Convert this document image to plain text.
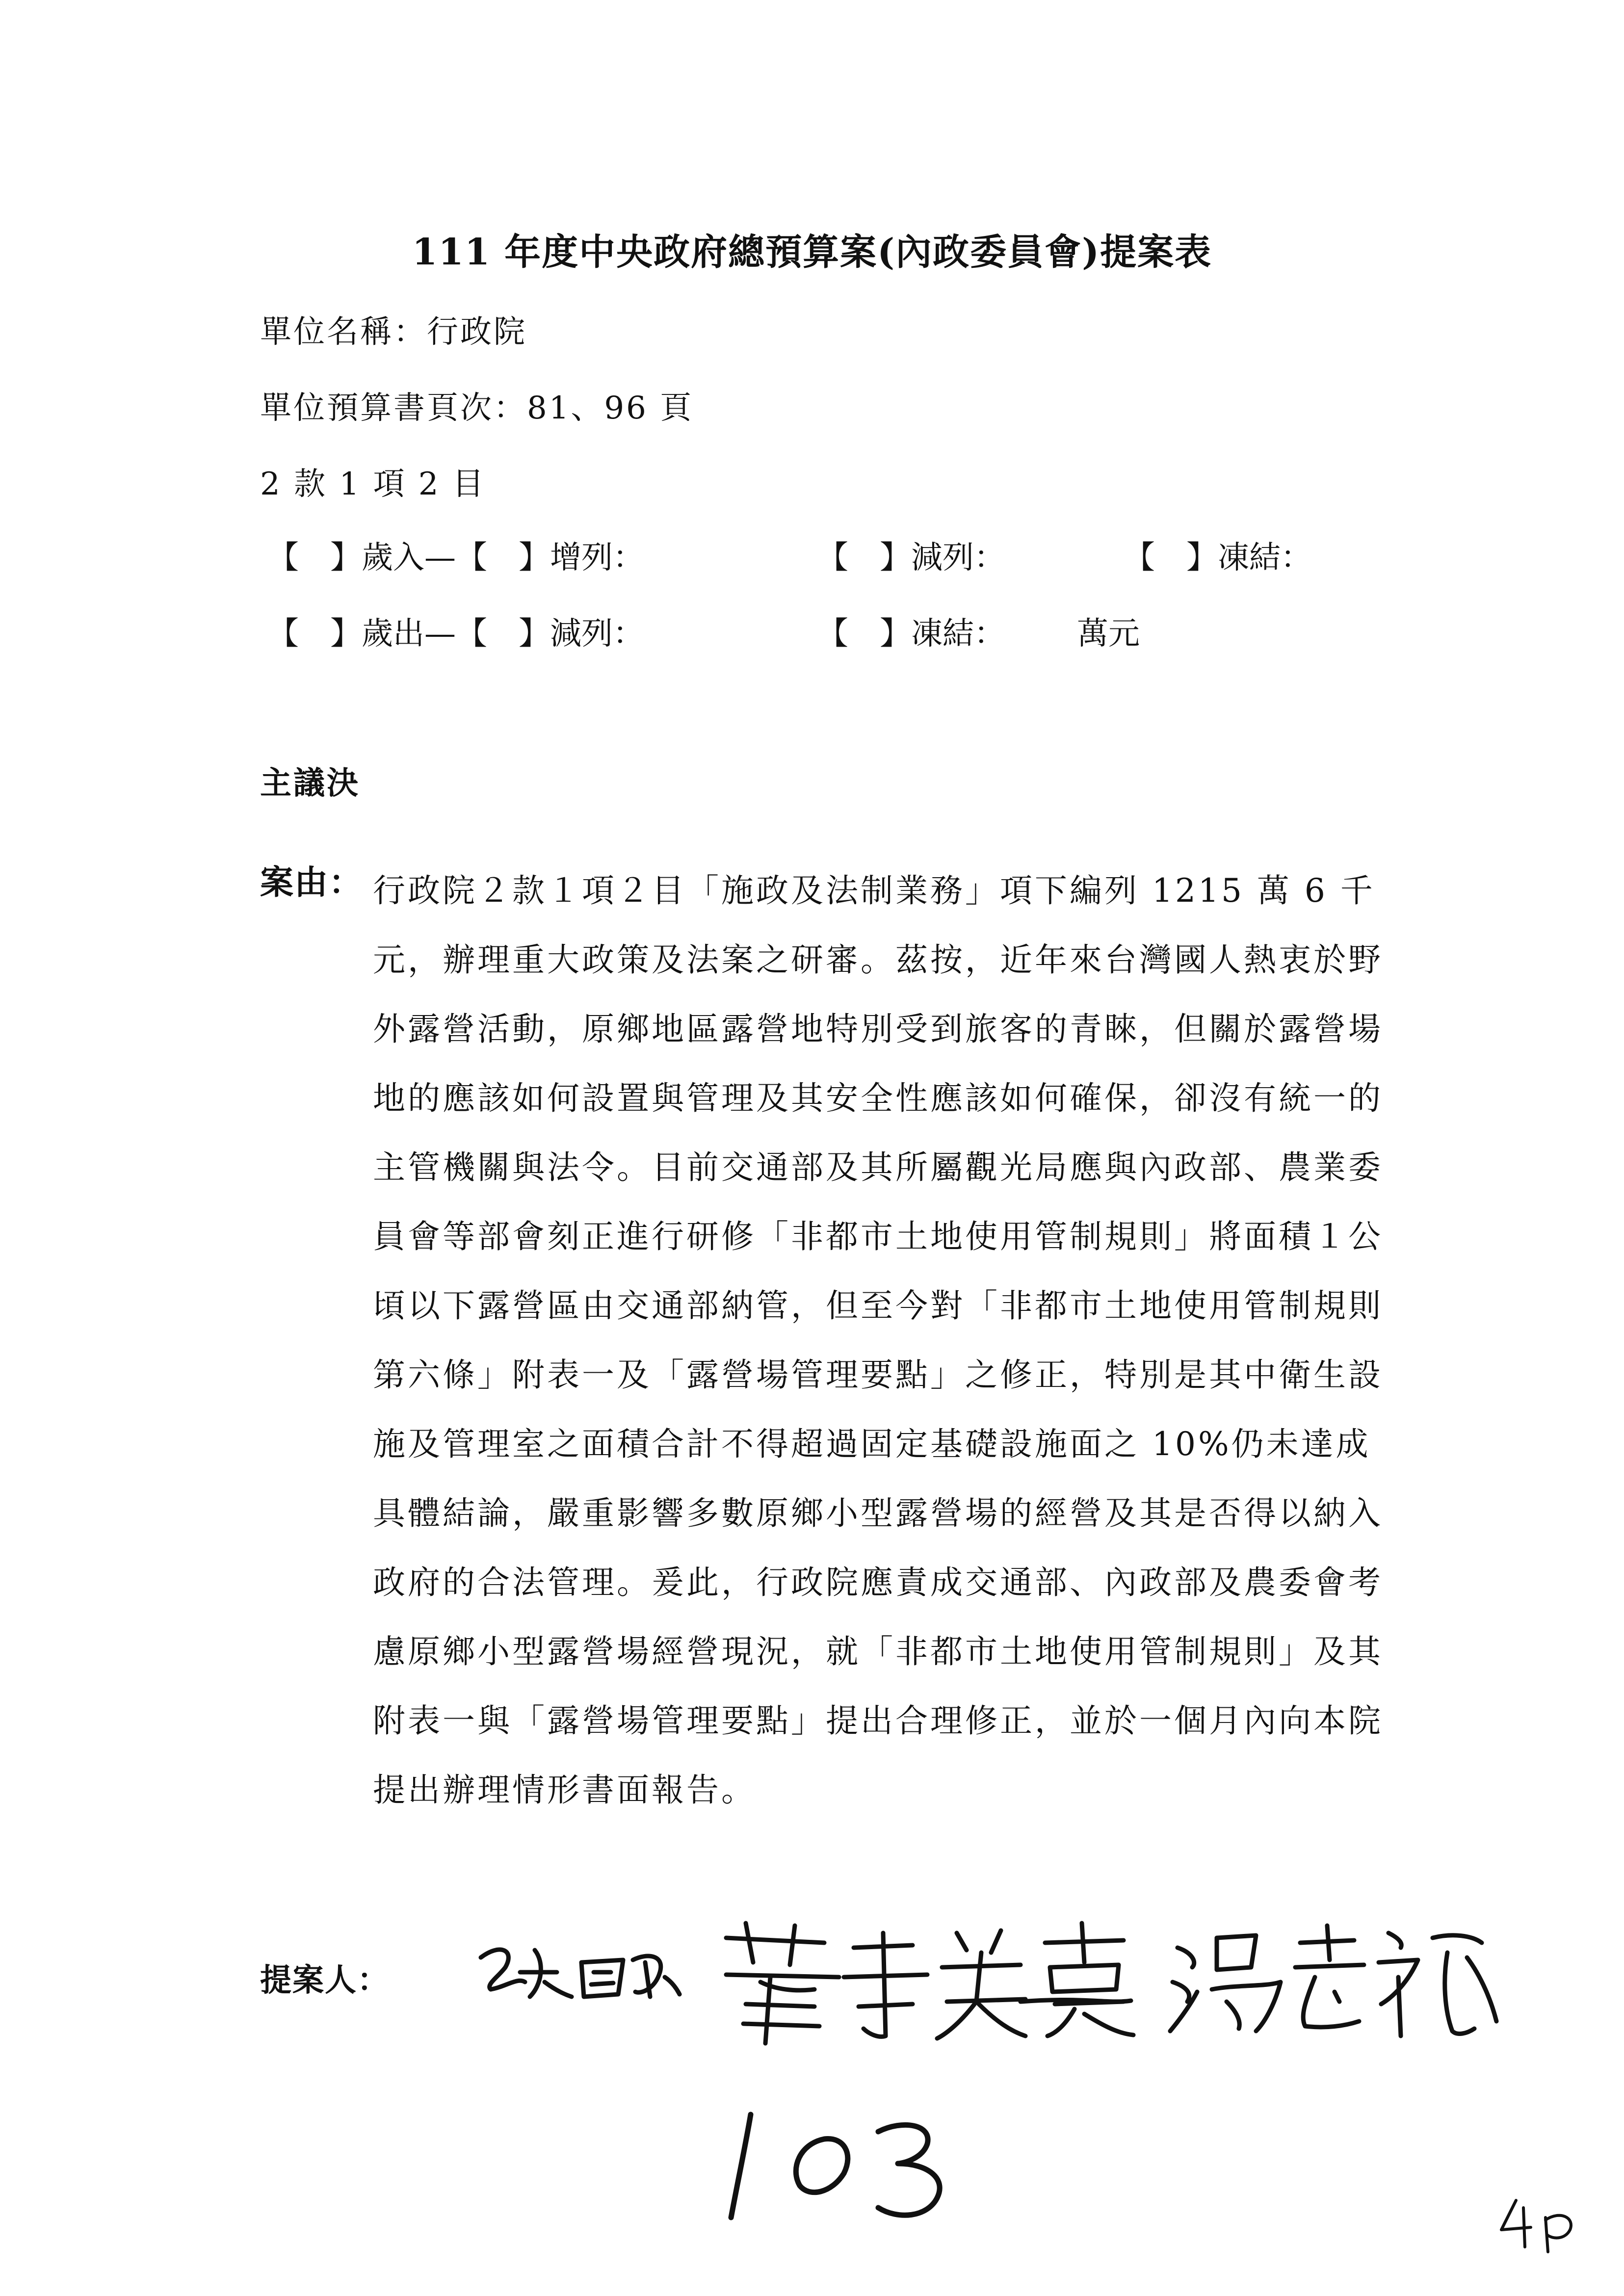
111 年度中央政府總預算案(內政委員會)提案表
單位名稱：行政院
單位預算書頁次：81、96 頁
2 款 1 項 2 目
【　】歲入—【　】增列：	【　】減列：	【　】凍結：
【　】歲出—【　】減列：	【　】凍結： 萬元
主議決
案由： 行政院２款１項２目「施政及法制業務」項下編列 1215 萬 6 千元，辦理重大政策及法案之研審。茲按，近年來台灣國人熱衷於野外露營活動，原鄉地區露營地特別受到旅客的青睞，但關於露營場地的應該如何設置與管理及其安全性應該如何確保，卻沒有統一的主管機關與法令。目前交通部及其所屬觀光局應與內政部、農業委員會等部會刻正進行研修「非都市土地使用管制規則」將面積１公頃以下露營區由交通部納管，但至今對「非都市土地使用管制規則第六條」附表一及「露營場管理要點」之修正，特別是其中衛生設施及管理室之面積合計不得超過固定基礎設施面之 10%仍未達成具體結論，嚴重影響多數原鄉小型露營場的經營及其是否得以納入政府的合法管理。爰此，行政院應責成交通部、內政部及農委會考慮原鄉小型露營場經營現況，就「非都市土地使用管制規則」及其附表一與「露營場管理要點」提出合理修正，並於一個月內向本院提出辦理情形書面報告。
提案人：
